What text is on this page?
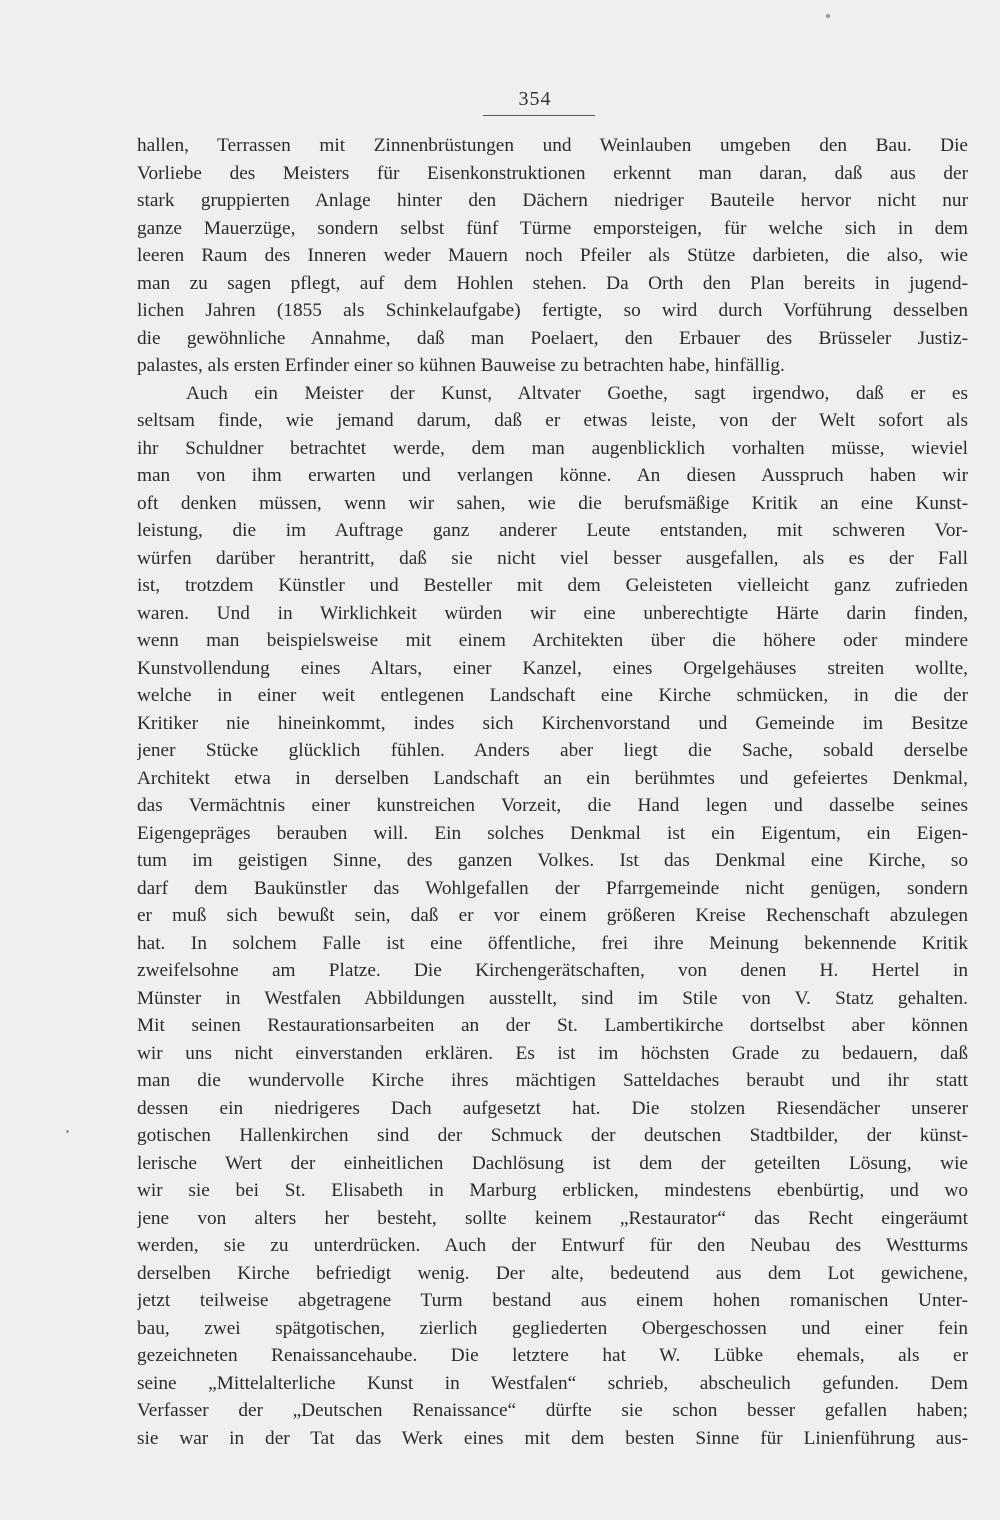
354
hallen, Terrassen mit Zinnenbrüstungen und Weinlauben umgeben den Bau. Die
Vorliebe des Meisters für Eisenkonstruktionen erkennt man daran, daß aus der
stark gruppierten Anlage hinter den Dächern niedriger Bauteile hervor nicht nur
ganze Mauerzüge, sondern selbst fünf Türme emporsteigen, für welche sich in dem
leeren Raum des Inneren weder Mauern noch Pfeiler als Stütze darbieten, die also, wie
man zu sagen pflegt, auf dem Hohlen stehen. Da Orth den Plan bereits in jugend-
lichen Jahren (1855 als Schinkelaufgabe) fertigte, so wird durch Vorführung desselben
die gewöhnliche Annahme, daß man Poelaert, den Erbauer des Brüsseler Justiz-
palastes, als ersten Erfinder einer so kühnen Bauweise zu betrachten habe, hinfällig.
Auch ein Meister der Kunst, Altvater Goethe, sagt irgendwo, daß er es
seltsam finde, wie jemand darum, daß er etwas leiste, von der Welt sofort als
ihr Schuldner betrachtet werde, dem man augenblicklich vorhalten müsse, wieviel
man von ihm erwarten und verlangen könne. An diesen Ausspruch haben wir
oft denken müssen, wenn wir sahen, wie die berufsmäßige Kritik an eine Kunst-
leistung, die im Auftrage ganz anderer Leute entstanden, mit schweren Vor-
würfen darüber herantritt, daß sie nicht viel besser ausgefallen, als es der Fall
ist, trotzdem Künstler und Besteller mit dem Geleisteten vielleicht ganz zufrieden
waren. Und in Wirklichkeit würden wir eine unberechtigte Härte darin finden,
wenn man beispielsweise mit einem Architekten über die höhere oder mindere
Kunstvollendung eines Altars, einer Kanzel, eines Orgelgehäuses streiten wollte,
welche in einer weit entlegenen Landschaft eine Kirche schmücken, in die der
Kritiker nie hineinkommt, indes sich Kirchenvorstand und Gemeinde im Besitze
jener Stücke glücklich fühlen. Anders aber liegt die Sache, sobald derselbe
Architekt etwa in derselben Landschaft an ein berühmtes und gefeiertes Denkmal,
das Vermächtnis einer kunstreichen Vorzeit, die Hand legen und dasselbe seines
Eigengepräges berauben will. Ein solches Denkmal ist ein Eigentum, ein Eigen-
tum im geistigen Sinne, des ganzen Volkes. Ist das Denkmal eine Kirche, so
darf dem Baukünstler das Wohlgefallen der Pfarrgemeinde nicht genügen, sondern
er muß sich bewußt sein, daß er vor einem größeren Kreise Rechenschaft abzulegen
hat. In solchem Falle ist eine öffentliche, frei ihre Meinung bekennende Kritik
zweifelsohne am Platze. Die Kirchengerätschaften, von denen H. Hertel in
Münster in Westfalen Abbildungen ausstellt, sind im Stile von V. Statz gehalten.
Mit seinen Restaurationsarbeiten an der St. Lambertikirche dortselbst aber können
wir uns nicht einverstanden erklären. Es ist im höchsten Grade zu bedauern, daß
man die wundervolle Kirche ihres mächtigen Satteldaches beraubt und ihr statt
dessen ein niedrigeres Dach aufgesetzt hat. Die stolzen Riesendächer unserer
gotischen Hallenkirchen sind der Schmuck der deutschen Stadtbilder, der künst-
lerische Wert der einheitlichen Dachlösung ist dem der geteilten Lösung, wie
wir sie bei St. Elisabeth in Marburg erblicken, mindestens ebenbürtig, und wo
jene von alters her besteht, sollte keinem „Restaurator“ das Recht eingeräumt
werden, sie zu unterdrücken. Auch der Entwurf für den Neubau des Westturms
derselben Kirche befriedigt wenig. Der alte, bedeutend aus dem Lot gewichene,
jetzt teilweise abgetragene Turm bestand aus einem hohen romanischen Unter-
bau, zwei spätgotischen, zierlich gegliederten Obergeschossen und einer fein
gezeichneten Renaissancehaube. Die letztere hat W. Lübke ehemals, als er
seine „Mittelalterliche Kunst in Westfalen“ schrieb, abscheulich gefunden. Dem
Verfasser der „Deutschen Renaissance“ dürfte sie schon besser gefallen haben;
sie war in der Tat das Werk eines mit dem besten Sinne für Linienführung aus-
